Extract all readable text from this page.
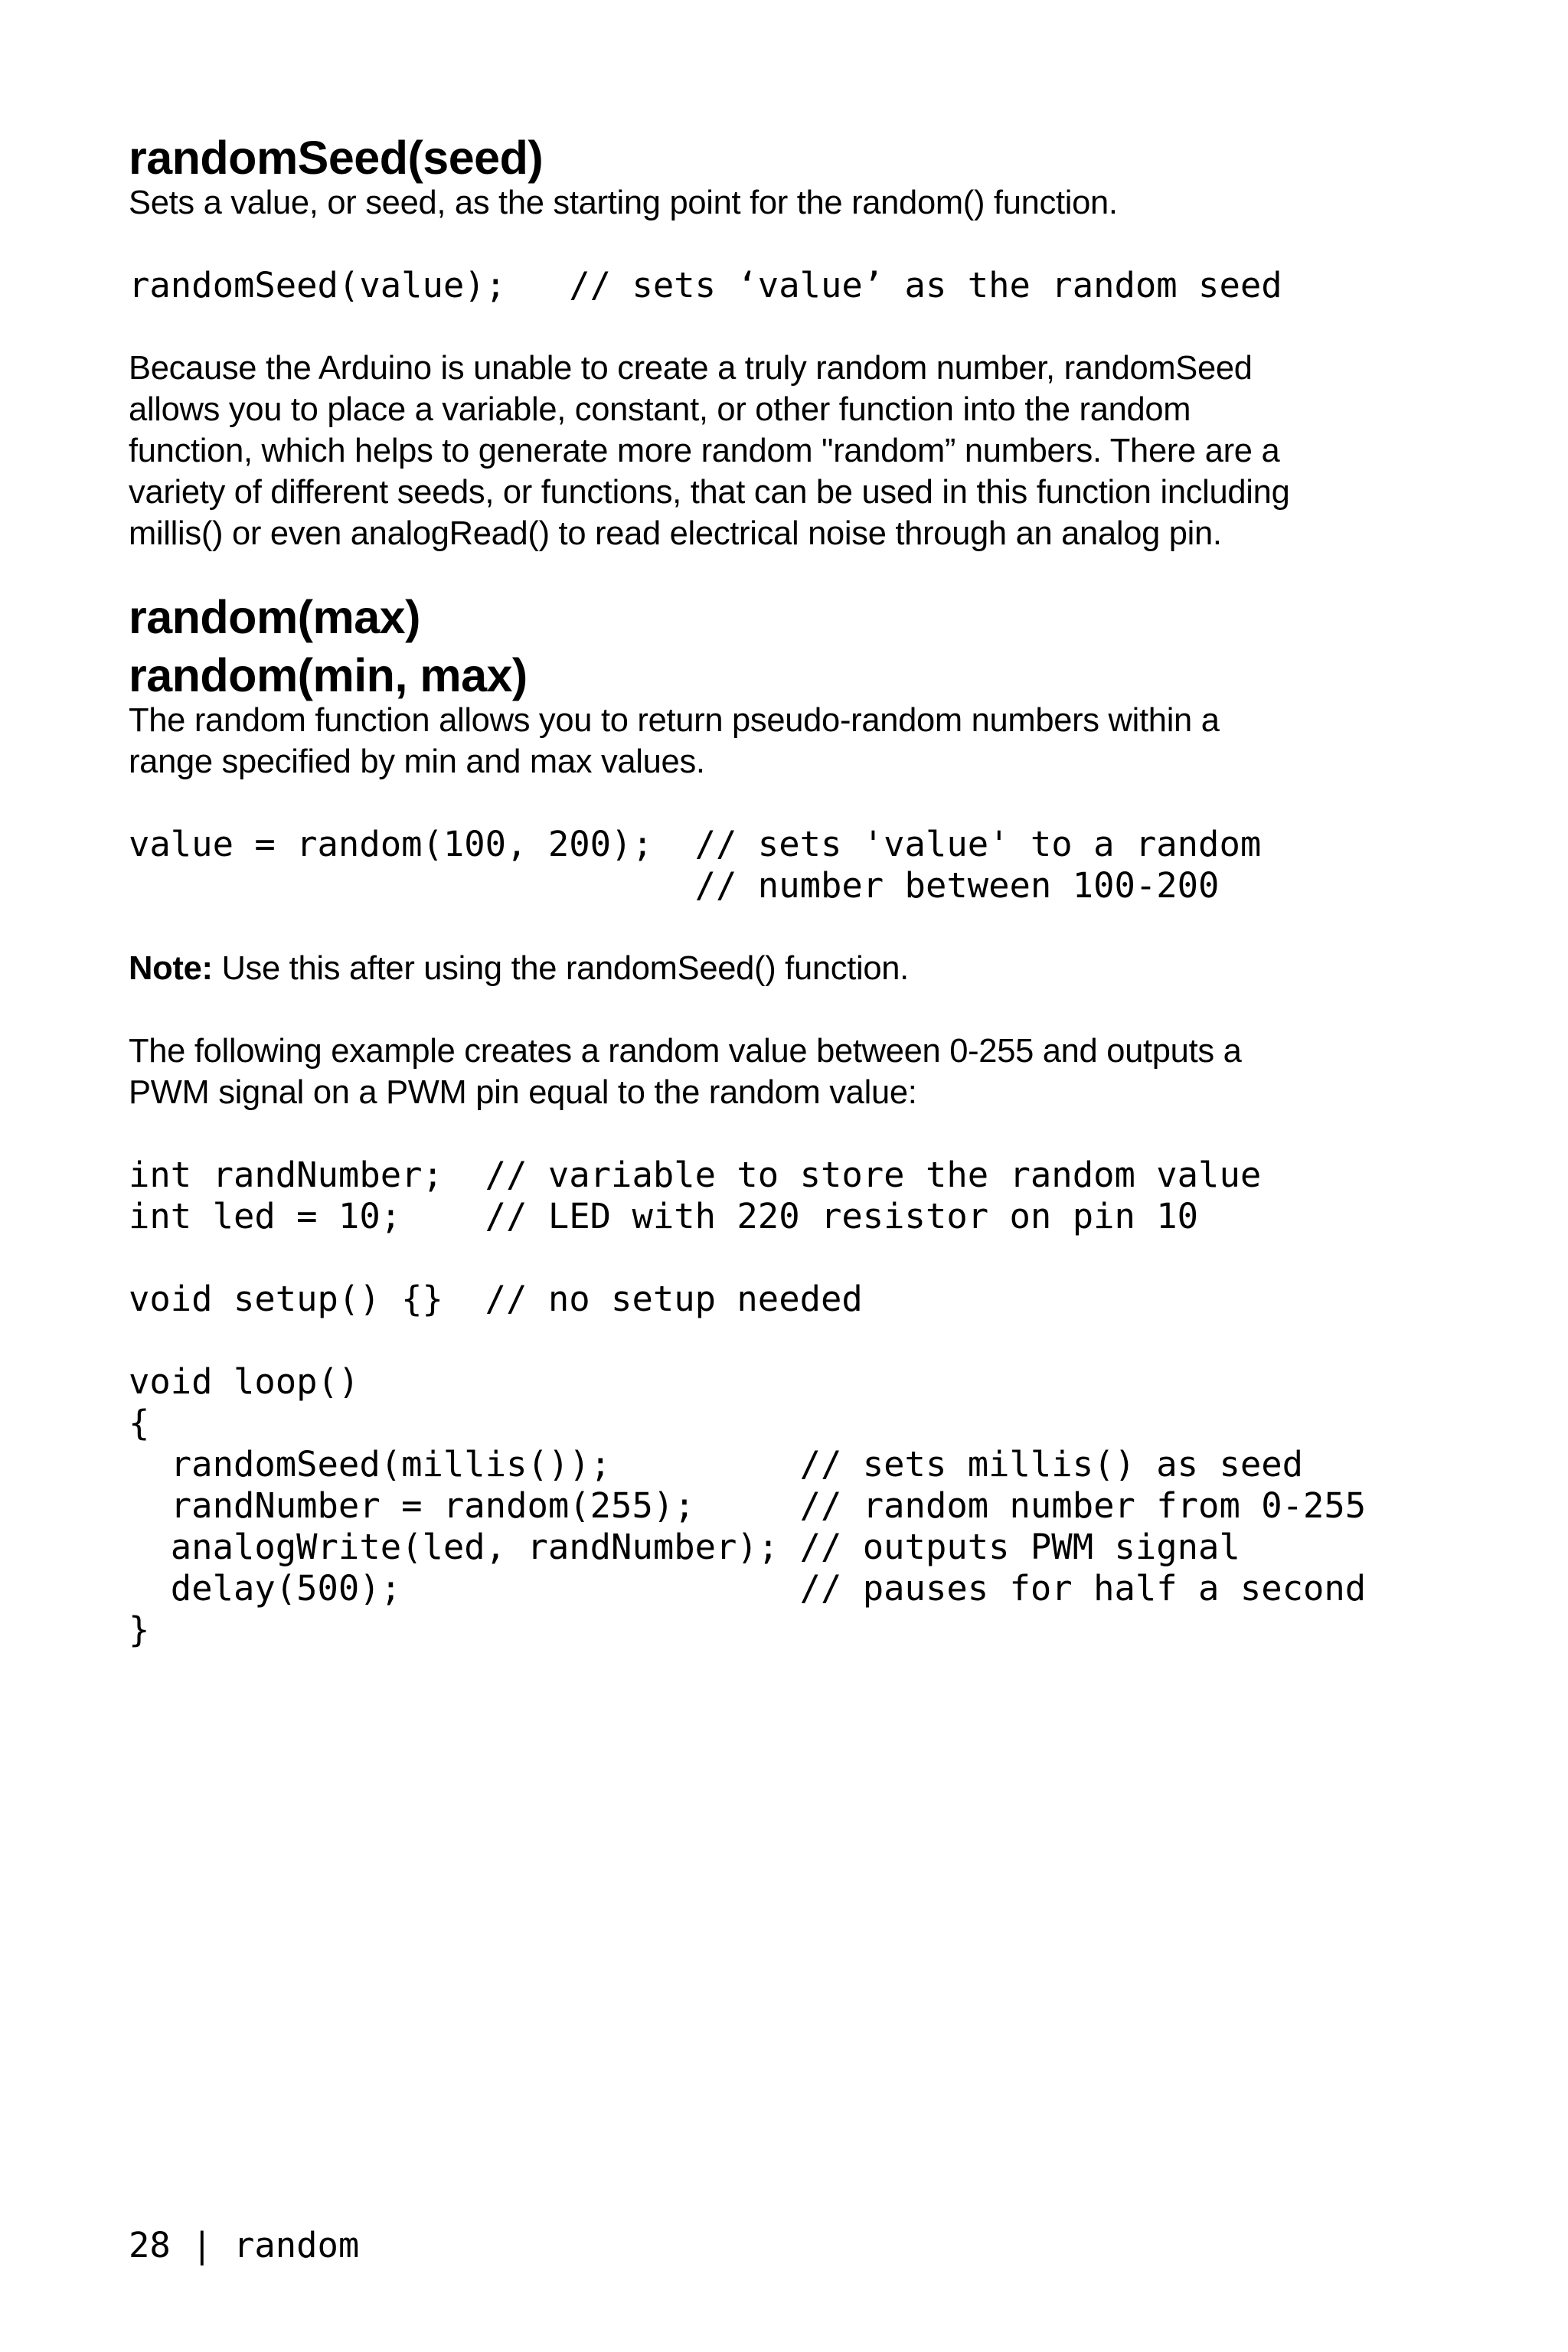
randomSeed(seed)

Sets a value, or seed, as the starting point for the random() function.

randomSeed(value);   // sets ‘value’ as the random seed

Because the Arduino is unable to create a truly random number, randomSeed

allows you to place a variable, constant, or other function into the random

function, which helps to generate more random "random” numbers. There are a

variety of different seeds, or functions, that can be used in this function including

millis() or even analogRead() to read electrical noise through an analog pin.

random(max)
random(min, max)

The random function allows you to return pseudo-random numbers within a

range specified by min and max values.

value = random(100, 200);  // sets 'value' to a random
// number between 100-200

Note: Use this after using the randomSeed() function.

The following example creates a random value between 0-255 and outputs a

PWM signal on a PWM pin equal to the random value:

int randNumber;  // variable to store the random value
int led = 10;    // LED with 220 resistor on pin 10
void setup() {}  // no setup needed
void loop()
{
randomSeed(millis());         // sets millis() as seed
randNumber = random(255);     // random number from 0-255
analogWrite(led, randNumber); // outputs PWM signal
delay(500);                   // pauses for half a second
}
28 | random
